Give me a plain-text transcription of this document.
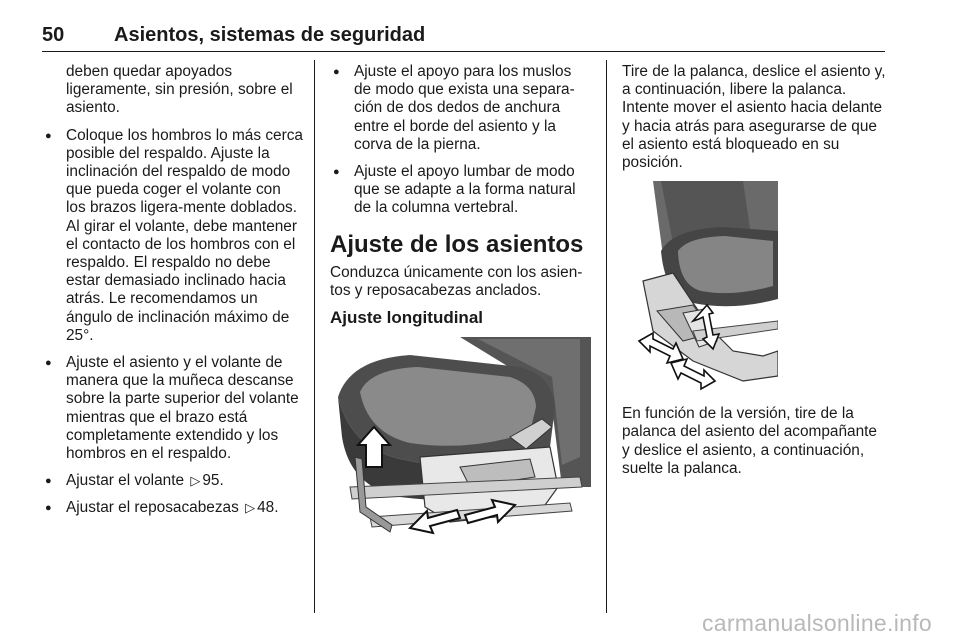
50 Asientos, sistemas de seguridad

deben quedar apoyados ligeramente, sin presión, sobre el asiento.

● Coloque los hombros lo más cerca posible del respaldo. Ajuste la inclinación del respaldo de modo que pueda coger el volante con los brazos ligera-mente doblados. Al girar el volante, debe mantener el contacto de los hombros con el respaldo. El respaldo no debe estar demasiado inclinado hacia atrás. Le recomendamos un ángulo de inclinación máximo de 25°.
● Ajuste el asiento y el volante de manera que la muñeca descanse sobre la parte superior del volante mientras que el brazo está completamente extendido y los hombros en el respaldo.
● Ajustar el volante ▷ 95.
● Ajustar el reposacabezas ▷ 48.
● Ajuste el apoyo para los muslos de modo que exista una separa-ción de dos dedos de anchura entre el borde del asiento y la corva de la pierna.
● Ajuste el apoyo lumbar de modo que se adapte a la forma natural de la columna vertebral.
Ajuste de los asientos

Conduzca únicamente con los asien-tos y reposacabezas anclados.

Ajuste longitudinal

Tire de la palanca, deslice el asiento y, a continuación, libere la palanca. Intente mover el asiento hacia delante y hacia atrás para asegurarse de que el asiento está bloqueado en su posición.

En función de la versión, tire de la palanca del asiento del acompañante y deslice el asiento, a continuación, suelte la palanca.

carmanualsonline.info
